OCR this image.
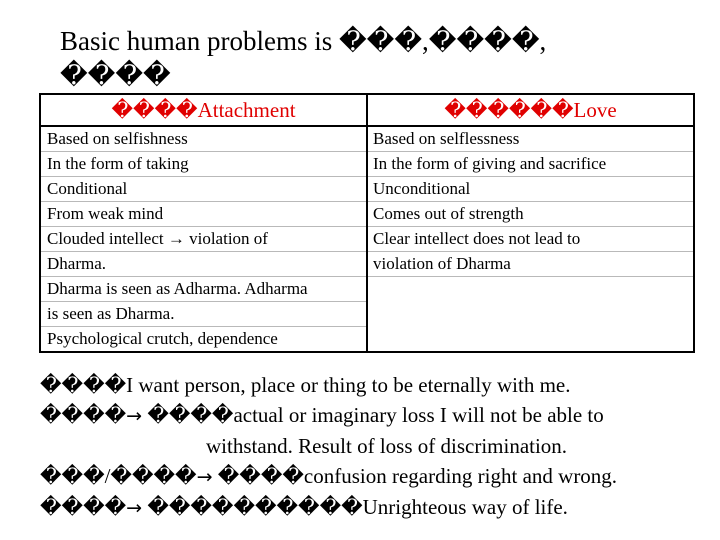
Basic human problems is ���,����,
����
����Attachment	������Love
Based on selfishness
In the form of taking
Conditional
From weak mind
Clouded intellect → violation of
Dharma.
Dharma is seen as Adharma. Adharma
is seen as Dharma.
Psychological crutch, dependence
Based on selflessness
In the form of giving and sacrifice
Unconditional
Comes out of strength
Clear intellect does not lead to
violation of Dharma
����I want person, place or thing to be eternally with me.
����→ ����actual or imaginary loss I will not be able to
withstand. Result of loss of discrimination.
���/����→ ����confusion regarding right and wrong.
����→ ����������Unrighteous way of life.
